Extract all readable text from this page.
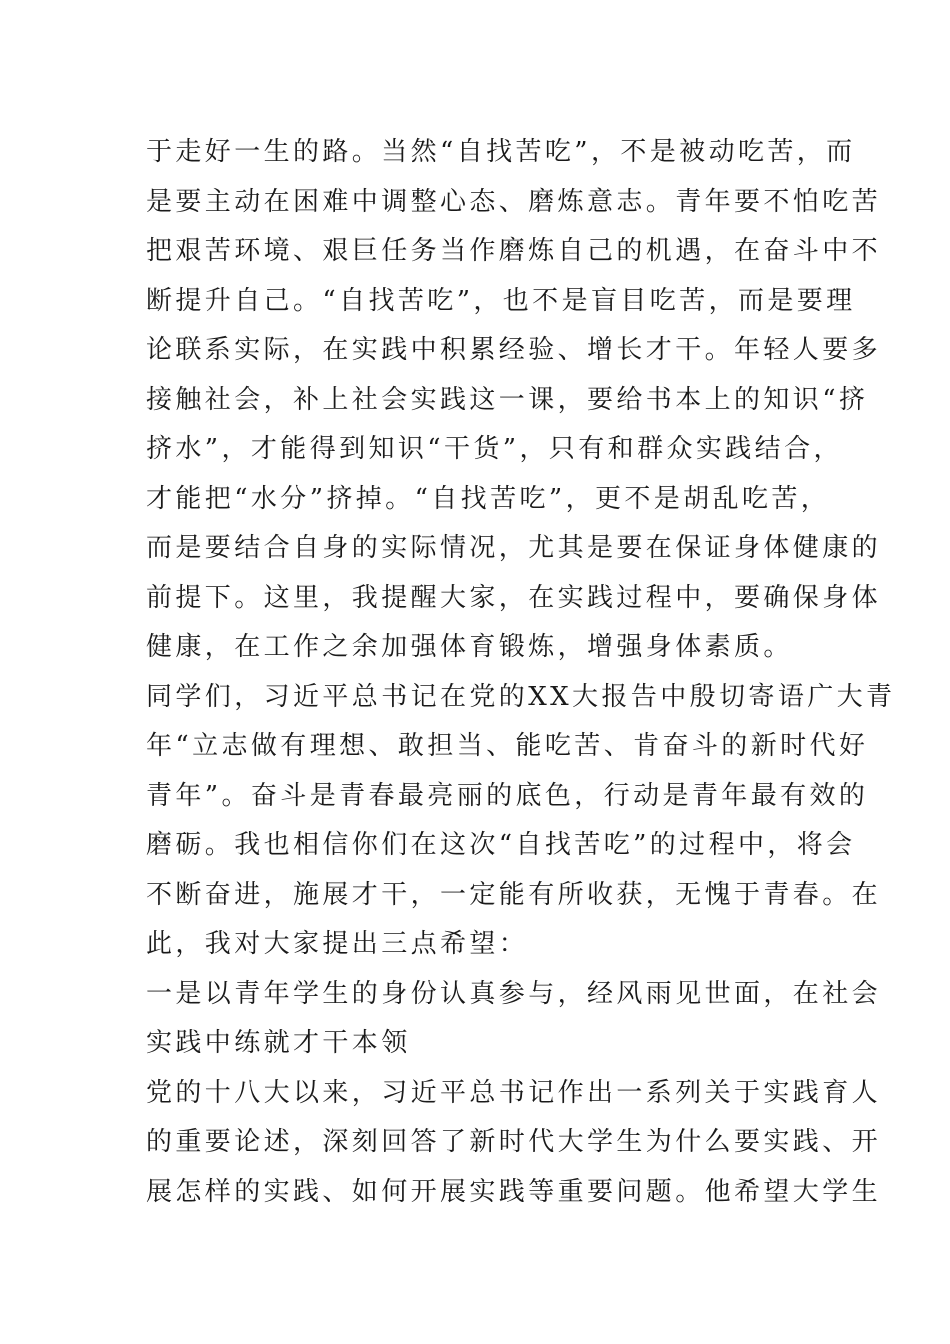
于走好一生的路。当然“自找苦吃”，不是被动吃苦，而
是要主动在困难中调整心态、磨炼意志。青年要不怕吃苦
把艰苦环境、艰巨任务当作磨炼自己的机遇，在奋斗中不
断提升自己。“自找苦吃”，也不是盲目吃苦，而是要理
论联系实际，在实践中积累经验、增长才干。年轻人要多
接触社会，补上社会实践这一课，要给书本上的知识“挤
挤水”，才能得到知识“干货”，只有和群众实践结合，
才能把“水分”挤掉。“自找苦吃”，更不是胡乱吃苦，
而是要结合自身的实际情况，尤其是要在保证身体健康的
前提下。这里，我提醒大家，在实践过程中，要确保身体
健康，在工作之余加强体育锻炼，增强身体素质。
同学们，习近平总书记在党的XX大报告中殷切寄语广大青
年“立志做有理想、敢担当、能吃苦、肯奋斗的新时代好
青年”。奋斗是青春最亮丽的底色，行动是青年最有效的
磨砺。我也相信你们在这次“自找苦吃”的过程中，将会
不断奋进，施展才干，一定能有所收获，无愧于青春。在
此，我对大家提出三点希望：
一是以青年学生的身份认真参与，经风雨见世面，在社会
实践中练就才干本领
党的十八大以来，习近平总书记作出一系列关于实践育人
的重要论述，深刻回答了新时代大学生为什么要实践、开
展怎样的实践、如何开展实践等重要问题。他希望大学生
